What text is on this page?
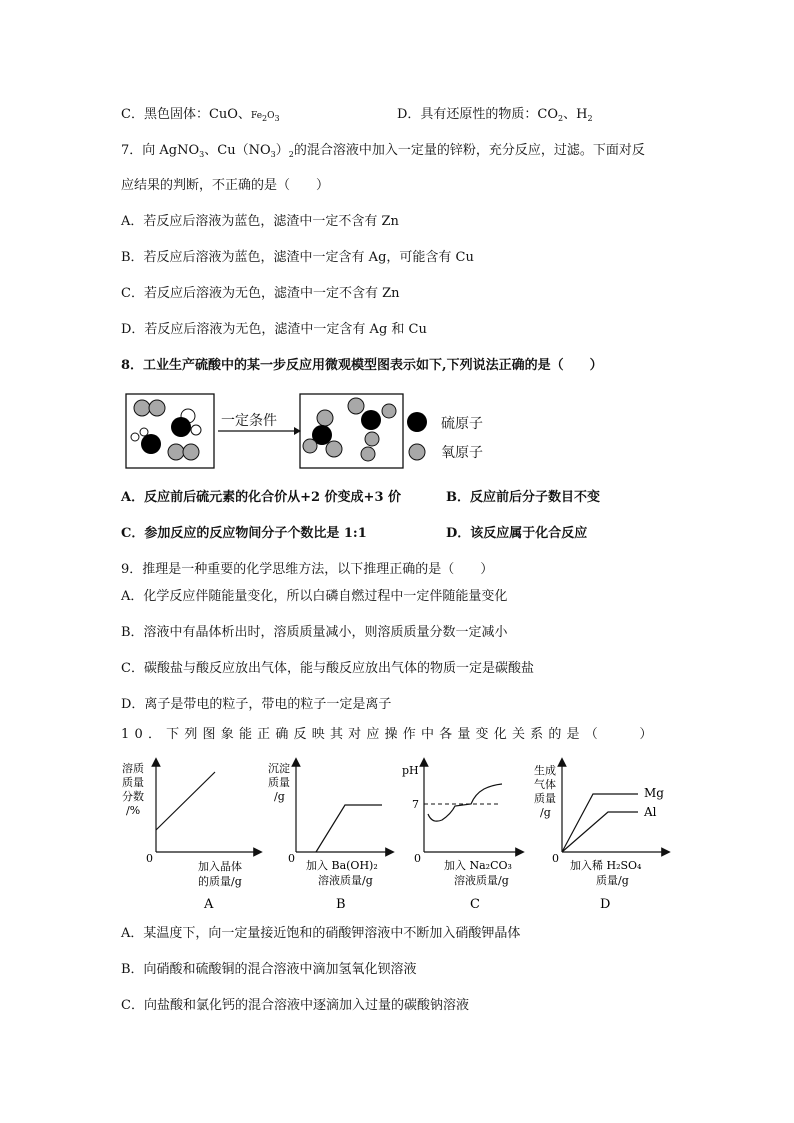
C．黑色固体：CuO、$Fe_2O_3$	D．具有还原性的物质：$CO_2$、$H_2$
7．向 AgNO$_3$、$Cu(NO_3)_2$的混合溶液中加入一定量的锌粉，充分反应，过滤。下面对反
应结果的判断，不正确的是（　　）
A．若反应后溶液为蓝色，滤渣中一定不含有 Zn
B．若反应后溶液为蓝色，滤渣中一定含有 Ag，可能含有 Cu
C．若反应后溶液为无色，滤渣中一定不含有 Zn
D．若反应后溶液为无色，滤渣中一定含有 Ag 和 Cu
8．工业生产硫酸中的某一步反应用微观模型图表示如下,下列说法正确的是（　　）
一定条件	硫原子
氧原子
A．反应前后硫元素的化合价从+2 价变成+3 价	B．反应前后分子数目不变
C．参加反应的反应物间分子个数比是 1:1	D．该反应属于化合反应
9．推理是一种重要的化学思维方法，以下推理正确的是（　　）
A．化学反应伴随能量变化，所以白磷自燃过程中一定伴随能量变化
B．溶液中有晶体析出时，溶质质量减小，则溶质质量分数一定减小
C．碳酸盐与酸反应放出气体，能与酸反应放出气体的物质一定是碳酸盐
D．离子是带电的粒子，带电的粒子一定是离子
10．下列图象能正确反映其对应操作中各量变化关系的是（　　）
溶质
质量
分数
/%
0
加入晶体
的质量/g
A
沉淀
质量
/g
0
加入 Ba(OH)₂
溶液质量/g
B
pH
7
0
加入 Na₂CO₃
溶液质量/g
C
生成
气体
质量
/g
Mg
Al
0
加入稀 H₂SO₄
质量/g
D
A．某温度下，向一定量接近饱和的硝酸钾溶液中不断加入硝酸钾晶体
B．向硝酸和硫酸铜的混合溶液中滴加氢氧化钡溶液
C．向盐酸和氯化钙的混合溶液中逐滴加入过量的碳酸钠溶液
